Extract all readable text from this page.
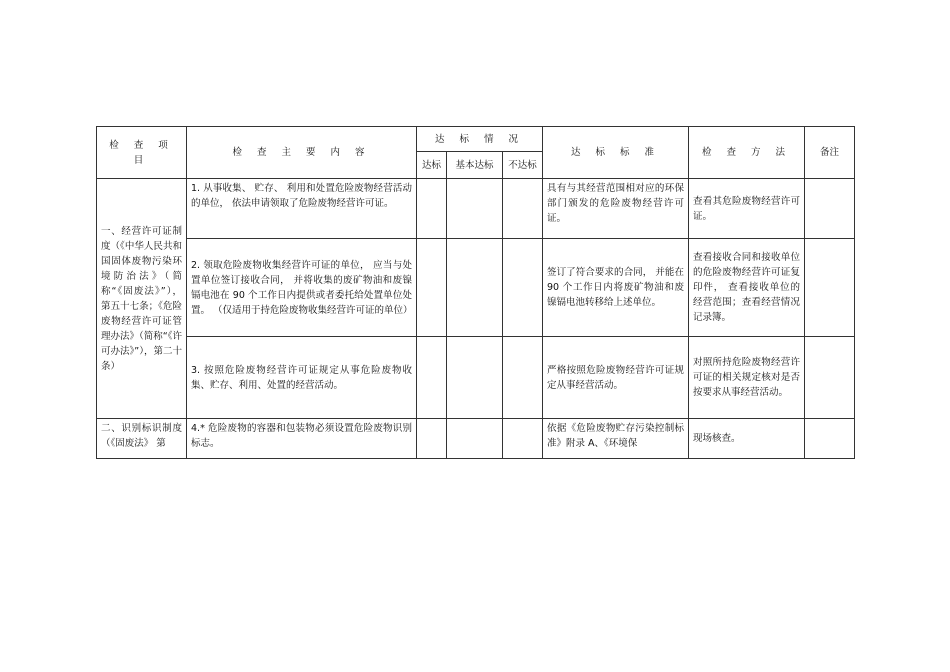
检 查 项 目	检 查 主 要 内 容	达 标 情 况			达 标 标 准	检 查 方 法	备注
		达标	基本达标	不达标			
一、经营许可证制度（《中华人民共和国固体废物污染环境防治法》（简称“《固废法》”），第五十七条；《危险废物经营许可证管理办法》（简称“《许可办法》”），第二十条）	1. 从事收集、 贮存、 利用和处置危险废物经营活动的单位， 依法申请领取了危险废物经营许可证。				具有与其经营范围相对应的环保部门颁发的危险废物经营许可证。	查看其危险废物经营许可证。	
	2. 领取危险废物收集经营许可证的单位， 应当与处置单位签订接收合同， 并将收集的废矿物油和废镍镉电池在 90 个工作日内提供或者委托给处置单位处置。 （仅适用于持危险废物收集经营许可证的单位）				签订了符合要求的合同， 并能在 90 个工作日内将废矿物油和废镍镉电池转移给上述单位。	查看接收合同和接收单位的危险废物经营许可证复印件， 查看接收单位的经营范围；查看经营情况记录簿。	
	3. 按照危险废物经营许可证规定从事危险废物收集、贮存、利用、处置的经营活动。				严格按照危险废物经营许可证规定从事经营活动。	对照所持危险废物经营许可证的相关规定核对是否按要求从事经营活动。	
二、识别标识制度（《固废法》 第	4.* 危险废物的容器和包装物必须设置危险废物识别标志。				依据《危险废物贮存污染控制标准》附录 A、《环境保	现场核查。	
